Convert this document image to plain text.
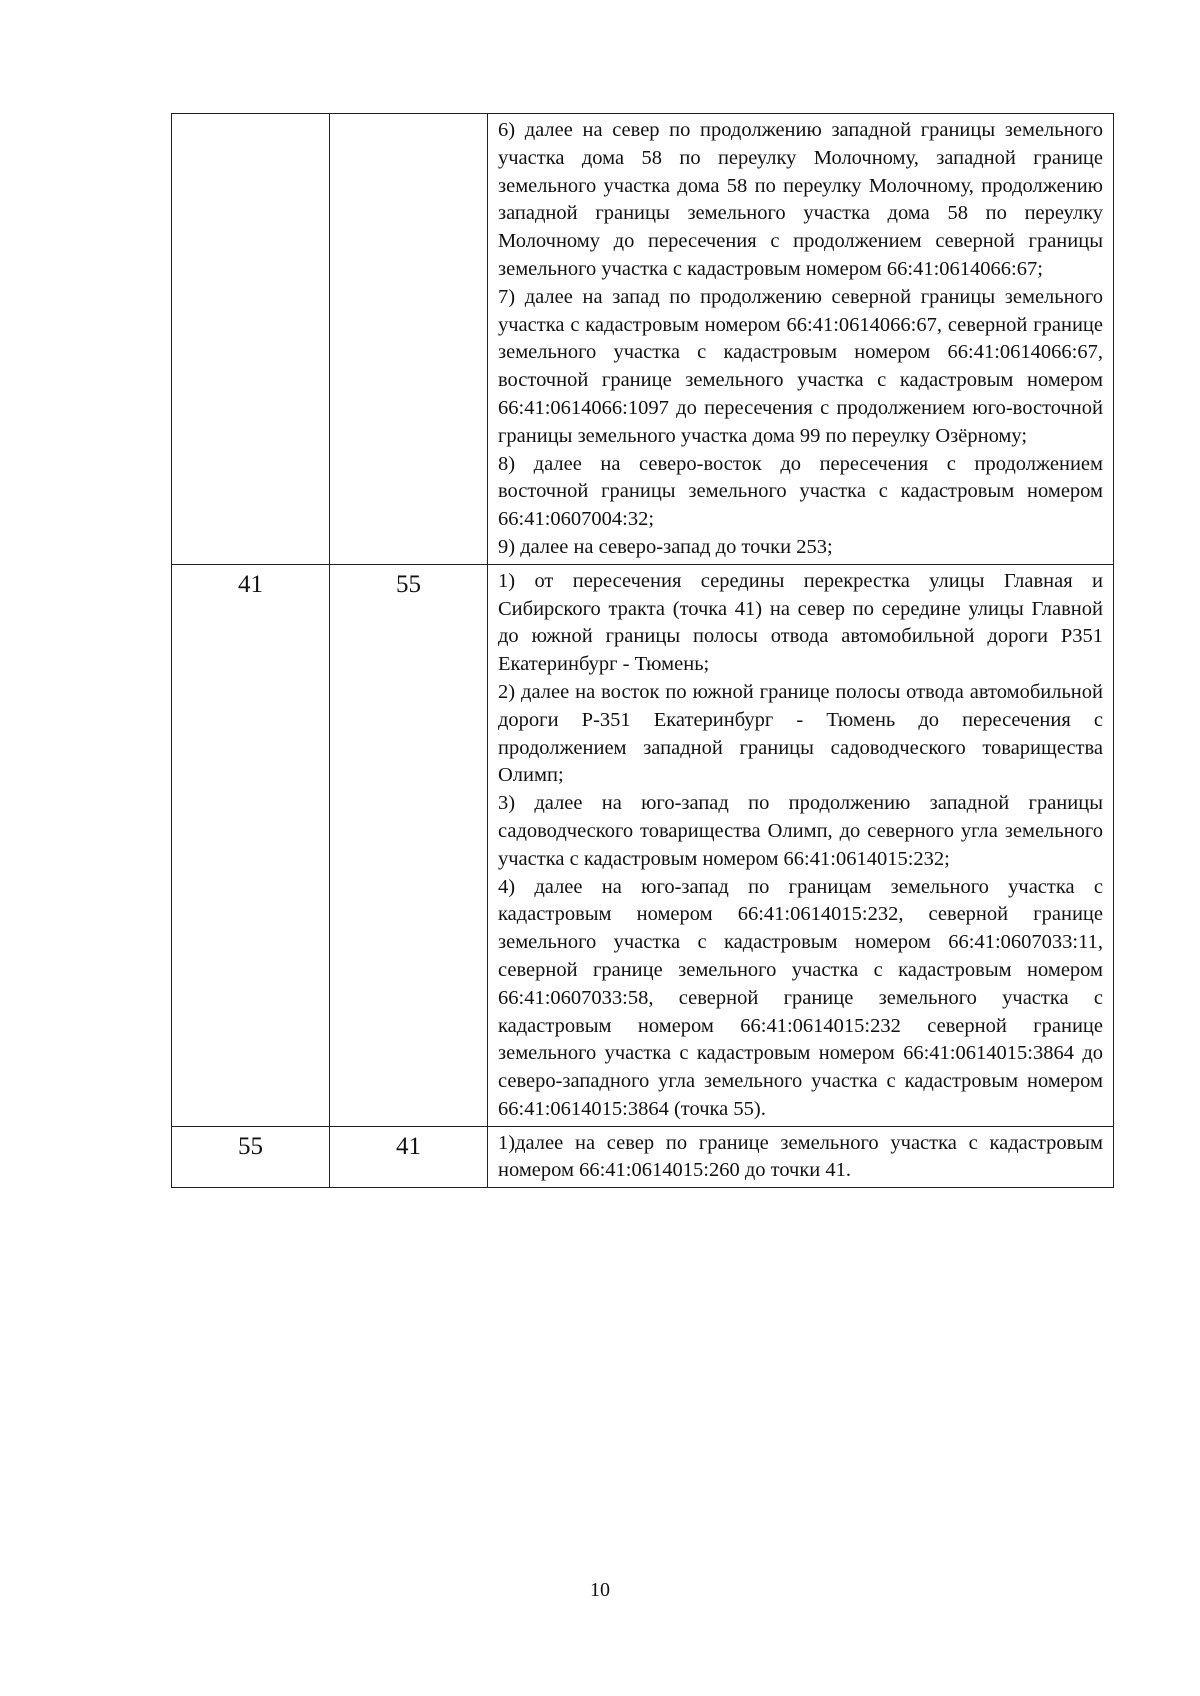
		6) далее на север по продолжению западной границы земельного участка дома 58 по переулку Молочному, западной границе земельного участка дома 58 по переулку Молочному, продолжению западной границы земельного участка дома 58 по переулку Молочному до пересечения с продолжением северной границы земельного участка с кадастровым номером 66:41:0614066:67;

7) далее на запад по продолжению северной границы земельного участка с кадастровым номером 66:41:0614066:67, северной границе земельного участка с кадастровым номером 66:41:0614066:67, восточной границе земельного участка с кадастровым номером 66:41:0614066:1097 до пересечения с продолжением юго-восточной границы земельного участка дома 99 по переулку Озёрному;

8) далее на северо-восток до пересечения с продолжением восточной границы земельного участка с кадастровым номером 66:41:0607004:32;

9) далее на северо-запад до точки 253;

41	55	1) от пересечения середины перекрестка улицы Главная и Сибирского тракта (точка 41) на север по середине улицы Главной до южной границы полосы отвода автомобильной дороги Р351 Екатеринбург - Тюмень;

2) далее на восток по южной границе полосы отвода автомобильной дороги Р-351 Екатеринбург - Тюмень до пересечения с продолжением западной границы садоводческого товарищества Олимп;

3) далее на юго-запад по продолжению западной границы садоводческого товарищества Олимп, до северного угла земельного участка с кадастровым номером 66:41:0614015:232;

4) далее на юго-запад по границам земельного участка с кадастровым номером 66:41:0614015:232, северной границе земельного участка с кадастровым номером 66:41:0607033:11, северной границе земельного участка с кадастровым номером 66:41:0607033:58, северной границе земельного участка с кадастровым номером 66:41:0614015:232 северной границе земельного участка с кадастровым номером 66:41:0614015:3864 до северо-западного угла земельного участка с кадастровым номером 66:41:0614015:3864 (точка 55).

55	41	1)далее на север по границе земельного участка с кадастровым номером 66:41:0614015:260 до точки 41.

10
